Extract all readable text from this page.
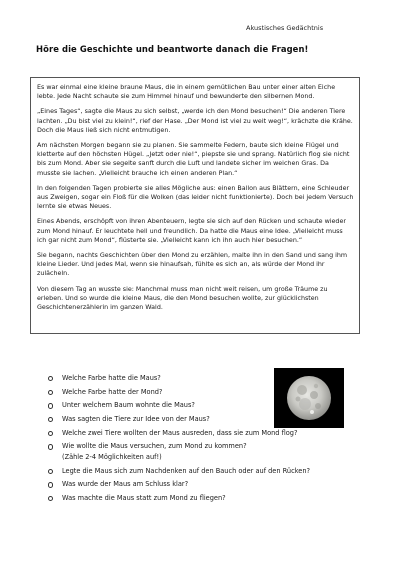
Akustisches Gedächtnis
Höre die Geschichte und beantworte danach die Fragen!

Es war einmal eine kleine braune Maus, die in einem gemütlichen Bau unter einer alten Eiche lebte. Jede Nacht schaute sie zum Himmel hinauf und bewunderte den silbernen Mond.

„Eines Tages“, sagte die Maus zu sich selbst, „werde ich den Mond besuchen!“ Die anderen Tiere lachten. „Du bist viel zu klein!“, rief der Hase. „Der Mond ist viel zu weit weg!“, krächzte die Krähe. Doch die Maus ließ sich nicht entmutigen.

Am nächsten Morgen begann sie zu planen. Sie sammelte Federn, baute sich kleine Flügel und kletterte auf den höchsten Hügel. „Jetzt oder nie!“, piepste sie und sprang. Natürlich flog sie nicht bis zum Mond. Aber sie segelte sanft durch die Luft und landete sicher im weichen Gras. Da musste sie lachen. „Vielleicht brauche ich einen anderen Plan.“

In den folgenden Tagen probierte sie alles Mögliche aus: einen Ballon aus Blättern, eine Schleuder aus Zweigen, sogar ein Floß für die Wolken (das leider nicht funktionierte). Doch bei jedem Versuch lernte sie etwas Neues.

Eines Abends, erschöpft von ihren Abenteuern, legte sie sich auf den Rücken und schaute wieder zum Mond hinauf. Er leuchtete hell und freundlich. Da hatte die Maus eine Idee. „Vielleicht muss ich gar nicht zum Mond“, flüsterte sie. „Vielleicht kann ich ihn auch hier besuchen.“

Sie begann, nachts Geschichten über den Mond zu erzählen, malte ihn in den Sand und sang ihm kleine Lieder. Und jedes Mal, wenn sie hinaufsah, fühlte es sich an, als würde der Mond ihr zulächeln.

Von diesem Tag an wusste sie: Manchmal muss man nicht weit reisen, um große Träume zu erleben. Und so wurde die kleine Maus, die den Mond besuchen wollte, zur glücklichsten Geschichtenerzählerin im ganzen Wald.

Welche Farbe hatte die Maus?
Welche Farbe hatte der Mond?
Unter welchem Baum wohnte die Maus?
Was sagten die Tiere zur Idee von der Maus?
Welche zwei Tiere wollten der Maus ausreden, dass sie zum Mond flog?
Wie wollte die Maus versuchen, zum Mond zu kommen?
(Zähle 2-4 Möglichkeiten auf!)
Legte die Maus sich zum Nachdenken auf den Bauch oder auf den Rücken?
Was wurde der Maus am Schluss klar?
Was machte die Maus statt zum Mond zu fliegen?
